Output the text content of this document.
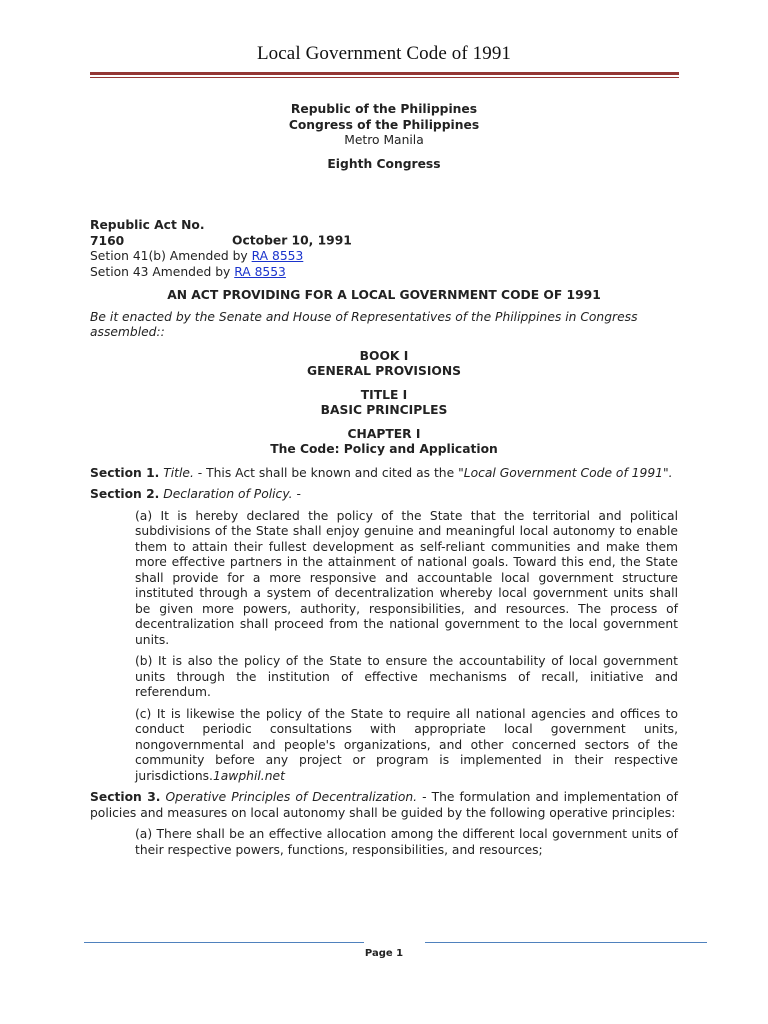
Local Government Code of 1991

Republic of the Philippines

Congress of the Philippines

Metro Manila

Eighth Congress

Republic Act No. 7160	October 10, 1991

Setion 41(b) Amended by RA 8553

Setion 43 Amended by RA 8553

AN ACT PROVIDING FOR A LOCAL GOVERNMENT CODE OF 1991

Be it enacted by the Senate and House of Representatives of the Philippines in Congress assembled::

BOOK I

GENERAL PROVISIONS

TITLE I

BASIC PRINCIPLES

CHAPTER I

The Code: Policy and Application

Section 1. Title. - This Act shall be known and cited as the "Local Government Code of 1991".

Section 2. Declaration of Policy. -

(a) It is hereby declared the policy of the State that the territorial and political subdivisions of the State shall enjoy genuine and meaningful local autonomy to enable them to attain their fullest development as self-reliant communities and make them more effective partners in the attainment of national goals. Toward this end, the State shall provide for a more responsive and accountable local government structure instituted through a system of decentralization whereby local government units shall be given more powers, authority, responsibilities, and resources. The process of decentralization shall proceed from the national government to the local government units.

(b) It is also the policy of the State to ensure the accountability of local government units through the institution of effective mechanisms of recall, initiative and referendum.

(c) It is likewise the policy of the State to require all national agencies and offices to conduct periodic consultations with appropriate local government units, nongovernmental and people's organizations, and other concerned sectors of the community before any project or program is implemented in their respective jurisdictions.1awphil.net

Section 3. Operative Principles of Decentralization. - The formulation and implementation of policies and measures on local autonomy shall be guided by the following operative principles:

(a) There shall be an effective allocation among the different local government units of their respective powers, functions, responsibilities, and resources;

Page 1
